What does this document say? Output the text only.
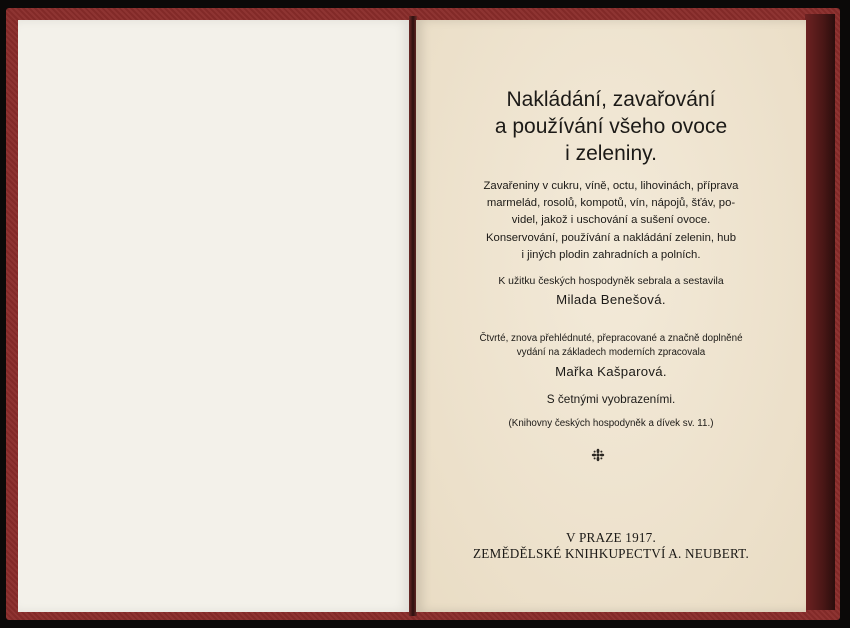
Nakládání, zavařování
a používání všeho ovoce
i zeleniny.
Zavařeniny v cukru, víně, octu, lihovinách, příprava
marmelád, rosolů, kompotů, vín, nápojů, šťáv, po-
videl, jakož i uschování a sušení ovoce.
Konservování, používání a nakládání zelenin, hub
i jiných plodin zahradních a polních.
K užitku českých hospodyněk sebrala a sestavila
Milada Benešová.
Čtvrté, znova přehlédnuté, přepracované a značně doplněné
vydání na základech moderních zpracovala
Mařka Kašparová.
S četnými vyobrazeními.
(Knihovny českých hospodyněk a dívek sv. 11.)
V PRAZE 1917.
ZEMĚDĚLSKÉ KNIHKUPECTVÍ A. NEUBERT.
